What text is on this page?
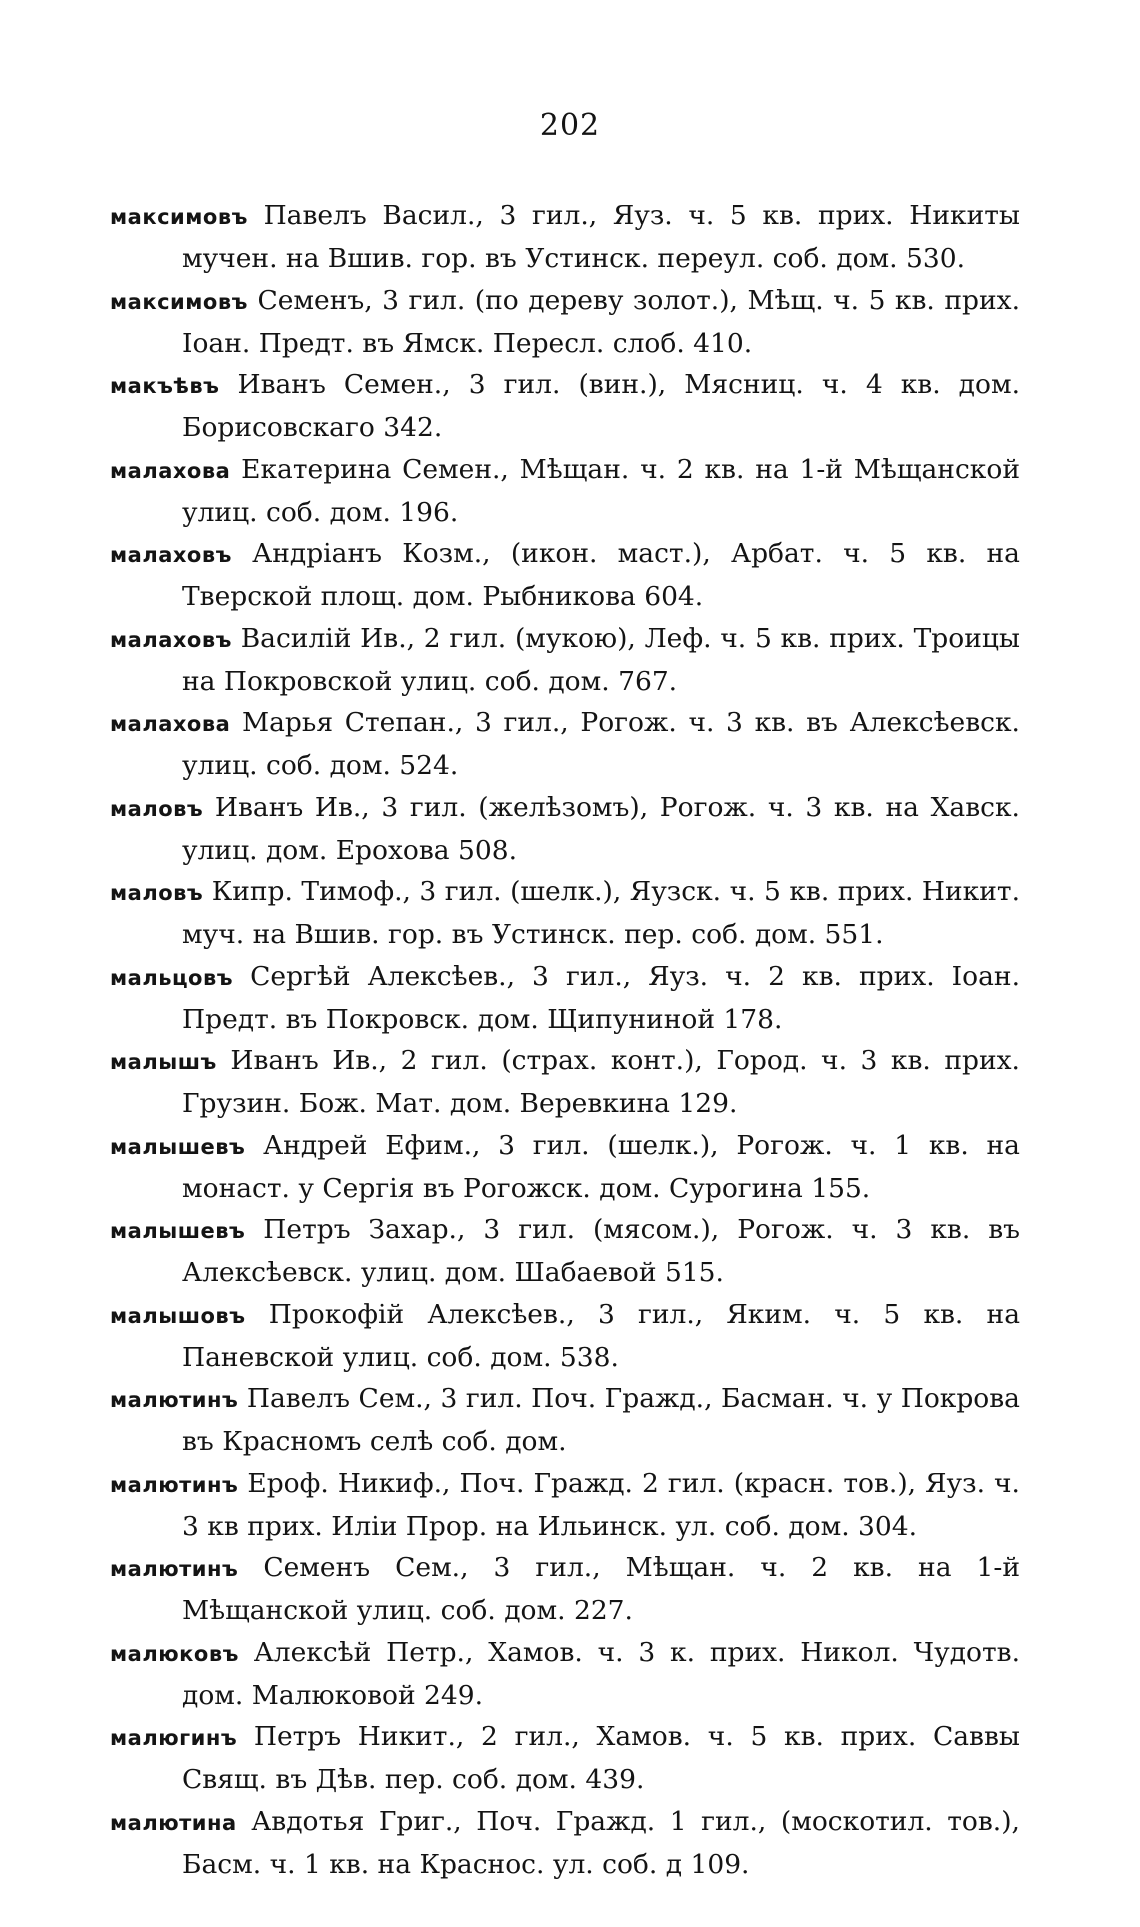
202

максимовъ Павелъ Васил., 3 гил., Яуз. ч. 5 кв. прих. Никиты мучен. на Вшив. гор. въ Устинск. переул. соб. дом. 530.

максимовъ Семенъ, 3 гил. (по дереву золот.), Мѣщ. ч. 5 кв. прих. Іоан. Предт. въ Ямск. Пересл. слоб. 410.

макъѣвъ Иванъ Семен., 3 гил. (вин.), Мясниц. ч. 4 кв. дом. Борисовскаго 342.

малахова Екатерина Семен., Мѣщан. ч. 2 кв. на 1-й Мѣщанской улиц. соб. дом. 196.

малаховъ Андріанъ Козм., (икон. маст.), Арбат. ч. 5 кв. на Тверской площ. дом. Рыбникова 604.

малаховъ Василій Ив., 2 гил. (мукою), Леф. ч. 5 кв. прих. Троицы на Покровской улиц. соб. дом. 767.

малахова Марья Степан., 3 гил., Рогож. ч. 3 кв. въ Алексѣевск. улиц. соб. дом. 524.

маловъ Иванъ Ив., 3 гил. (желѣзомъ), Рогож. ч. 3 кв. на Хавск. улиц. дом. Ерохова 508.

маловъ Кипр. Тимоф., 3 гил. (шелк.), Яузск. ч. 5 кв. прих. Никит. муч. на Вшив. гор. въ Устинск. пер. соб. дом. 551.

мальцовъ Сергѣй Алексѣев., 3 гил., Яуз. ч. 2 кв. прих. Іоан. Предт. въ Покровск. дом. Щипуниной 178.

малышъ Иванъ Ив., 2 гил. (страх. конт.), Город. ч. 3 кв. прих. Грузин. Бож. Мат. дом. Веревкина 129.

малышевъ Андрей Ефим., 3 гил. (шелк.), Рогож. ч. 1 кв. на монаст. у Сергія въ Рогожск. дом. Сурогина 155.

малышевъ Петръ Захар., 3 гил. (мясом.), Рогож. ч. 3 кв. въ Алексѣевск. улиц. дом. Шабаевой 515.

малышовъ Прокофій Алексѣев., 3 гил., Яким. ч. 5 кв. на Паневской улиц. соб. дом. 538.

малютинъ Павелъ Сем., 3 гил. Поч. Гражд., Басман. ч. у Покрова въ Красномъ селѣ соб. дом.

малютинъ Ероф. Никиф., Поч. Гражд. 2 гил. (красн. тов.), Яуз. ч. 3 кв прих. Иліи Прор. на Ильинск. ул. соб. дом. 304.

малютинъ Семенъ Сем., 3 гил., Мѣщан. ч. 2 кв. на 1-й Мѣщанской улиц. соб. дом. 227.

малюковъ Алексѣй Петр., Хамов. ч. 3 к. прих. Никол. Чудотв. дом. Малюковой 249.

малюгинъ Петръ Никит., 2 гил., Хамов. ч. 5 кв. прих. Саввы Свящ. въ Дѣв. пер. соб. дом. 439.

малютина Авдотья Григ., Поч. Гражд. 1 гил., (москотил. тов.), Басм. ч. 1 кв. на Краснос. ул. соб. д 109.
